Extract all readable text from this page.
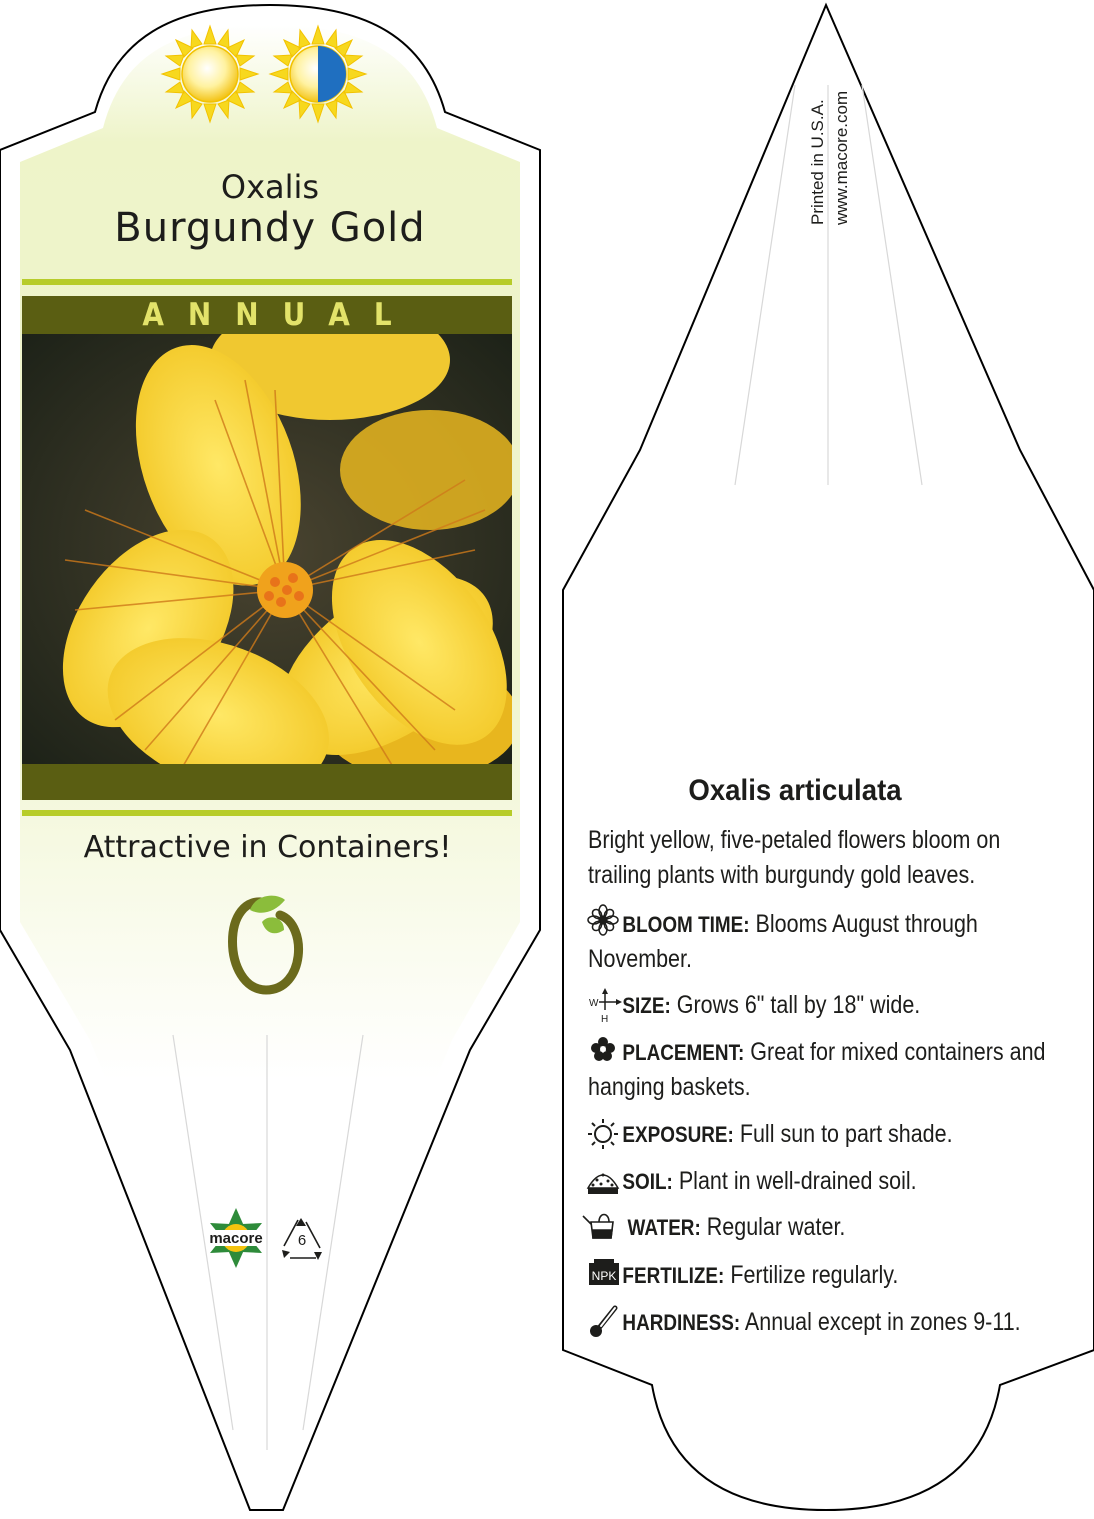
macore
W
H
NPK
Oxalis
Burgundy Gold
ANNUAL
Attractive in Containers!
6
Printed in U.S.A. www.macore.com
Oxalis articulata
Bright yellow, five-petaled flowers bloom on trailing plants with burgundy gold leaves.
BLOOM TIME: Blooms August through November.
SIZE: Grows 6" tall by 18" wide.
PLACEMENT: Great for mixed containers and hanging baskets.
EXPOSURE: Full sun to part shade.
SOIL: Plant in well-drained soil.
WATER: Regular water.
FERTILIZE: Fertilize regularly.
HARDINESS: Annual except in zones 9-11.
